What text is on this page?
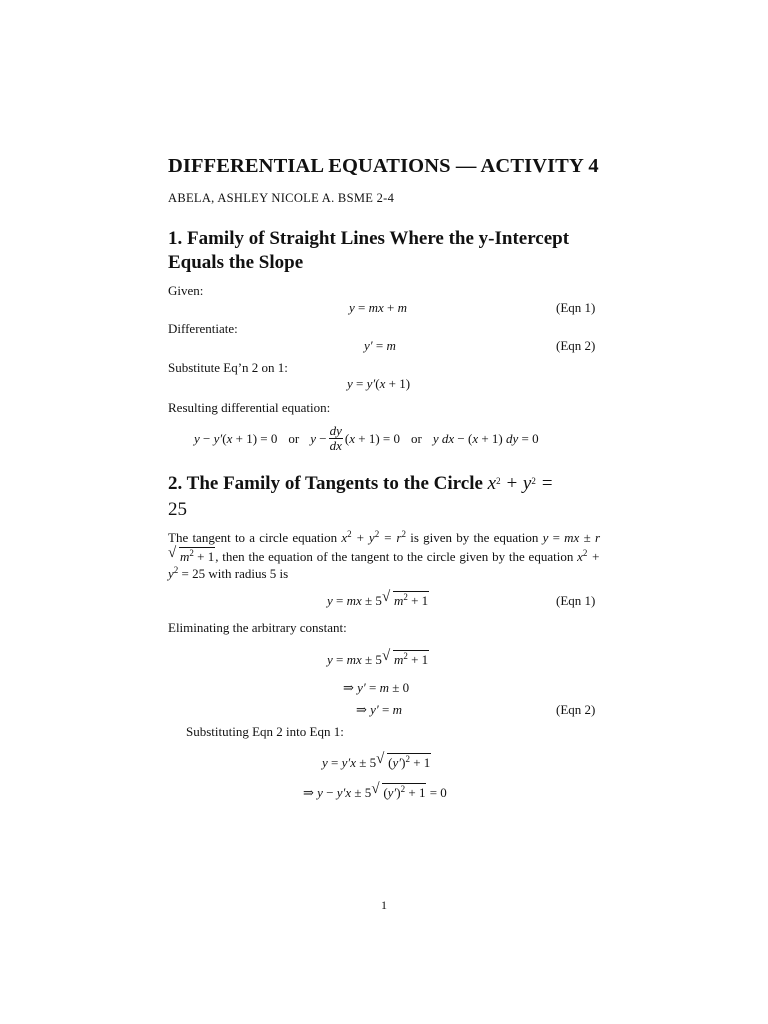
DIFFERENTIAL EQUATIONS — ACTIVITY 4
ABELA, ASHLEY NICOLE A. BSME 2-4
1. Family of Straight Lines Where the y-Intercept
Equals the Slope
Given:
y = mx + m	(Eqn 1)
Differentiate:
y′ = m	(Eqn 2)
Substitute Eq’n 2 on 1:
y = y′(x + 1)
Resulting differential equation:
y − y′(x + 1) = 0 or $y - \frac{dy}{dx} (x + 1) = 0$ or y dx − (x + 1) dy = 0
2. The Family of Tangents to the Circle $x^2 + y^2$ =
25
The tangent to a circle equation $x^2 + y^2 = r^2$ is given by the equation y = mx ± r√ $m^2 + 1$, then the equation of the tangent to the circle given by the equation $x^2 + y^2 = 25$ with radius 5 is
y = mx ± 5 √ $m^2 + 1$	(Eqn 1)
Eliminating the arbitrary constant:
y = mx ± 5 √ $m^2 + 1$
⇒ y′ = m ± 0
⇒ y′ = m	(Eqn 2)
Substituting Eqn 2 into Eqn 1:
y = y′x ± 5 √ $(y')^2 + 1$
⇒ y − y′x ± 5 √ $(y')^2 + 1 = 0$
1
